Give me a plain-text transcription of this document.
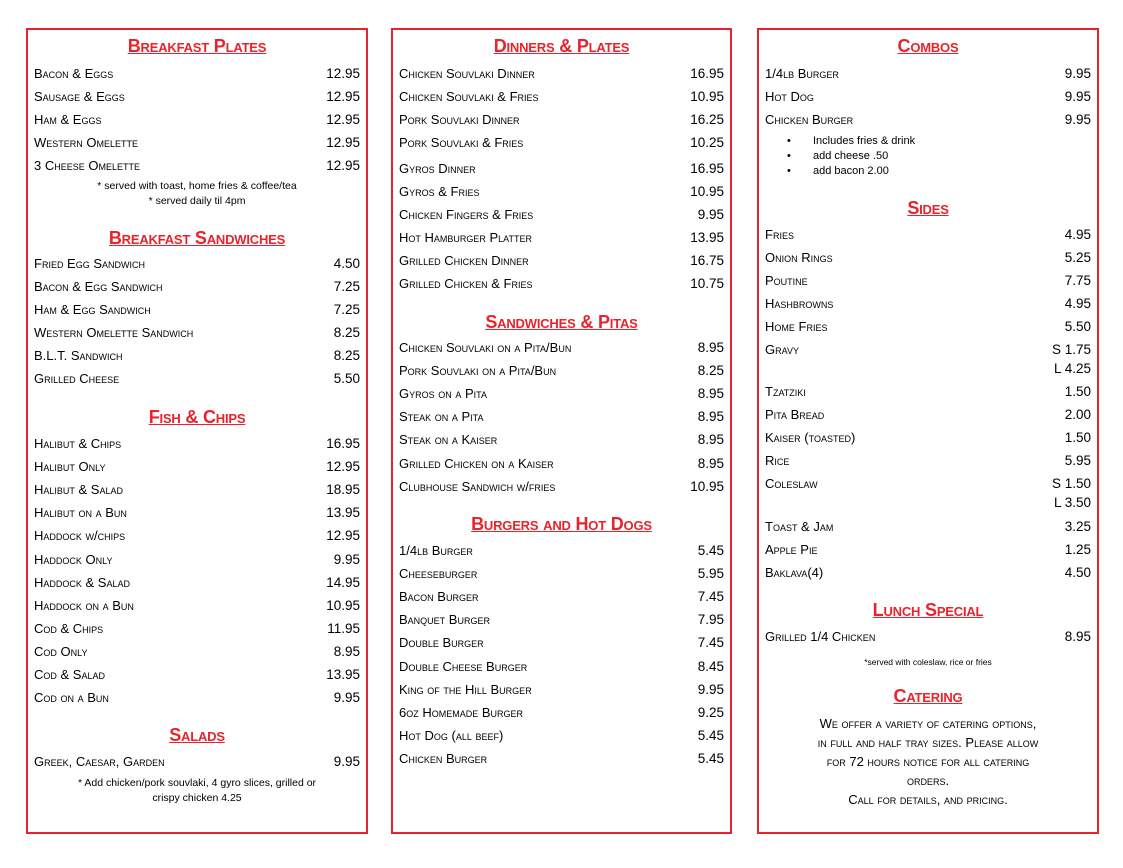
Breakfast Plates
Bacon & Eggs	12.95
Sausage & Eggs	12.95
Ham & Eggs	12.95
Western Omelette	12.95
3 Cheese Omelette	12.95
* served with toast, home fries & coffee/tea
* served daily til 4pm
Breakfast Sandwiches
Fried Egg Sandwich	4.50
Bacon & Egg Sandwich	7.25
Ham & Egg Sandwich	7.25
Western Omelette Sandwich	8.25
B.L.T. Sandwich	8.25
Grilled Cheese	5.50
Fish & Chips
Halibut & Chips	16.95
Halibut Only	12.95
Halibut & Salad	18.95
Halibut on a Bun	13.95
Haddock w/chips	12.95
Haddock Only	9.95
Haddock & Salad	14.95
Haddock on a Bun	10.95
Cod & Chips	11.95
Cod Only	8.95
Cod & Salad	13.95
Cod on a Bun	9.95
Salads
Greek, Caesar, Garden	9.95
* Add chicken/pork souvlaki, 4 gyro slices, grilled or
crispy chicken 4.25
Dinners & Plates
Chicken Souvlaki Dinner	16.95
Chicken Souvlaki & Fries	10.95
Pork Souvlaki Dinner	16.25
Pork Souvlaki & Fries	10.25
Gyros Dinner	16.95
Gyros & Fries	10.95
Chicken Fingers & Fries	9.95
Hot Hamburger Platter	13.95
Grilled Chicken Dinner	16.75
Grilled Chicken & Fries	10.75
Sandwiches & Pitas
Chicken Souvlaki on a Pita/Bun	8.95
Pork Souvlaki on a Pita/Bun	8.25
Gyros on a Pita	8.95
Steak on a Pita	8.95
Steak on a Kaiser	8.95
Grilled Chicken on a Kaiser	8.95
Clubhouse Sandwich w/fries	10.95
Burgers and Hot Dogs
1/4lb Burger	5.45
Cheeseburger	5.95
Bacon Burger	7.45
Banquet Burger	7.95
Double Burger	7.45
Double Cheese Burger	8.45
King of the Hill Burger	9.95
6oz Homemade Burger	9.25
Hot Dog (all beef)	5.45
Chicken Burger	5.45
Combos
1/4lb Burger	9.95
Hot Dog	9.95
Chicken Burger	9.95
• Includes fries & drink
• add cheese .50
• add bacon 2.00
Sides
Fries	4.95
Onion Rings	5.25
Poutine	7.75
Hashbrowns	4.95
Home Fries	5.50
Gravy	S 1.75
L 4.25
Tzatziki	1.50
Pita Bread	2.00
Kaiser (toasted)	1.50
Rice	5.95
Coleslaw	S 1.50
L 3.50
Toast & Jam	3.25
Apple Pie	1.25
Baklava(4)	4.50
Lunch Special
Grilled 1/4 Chicken	8.95
*served with coleslaw, rice or fries
Catering
We offer a variety of catering options,
in full and half tray sizes. Please allow
for 72 hours notice for all catering
orders.
Call for details, and pricing.
